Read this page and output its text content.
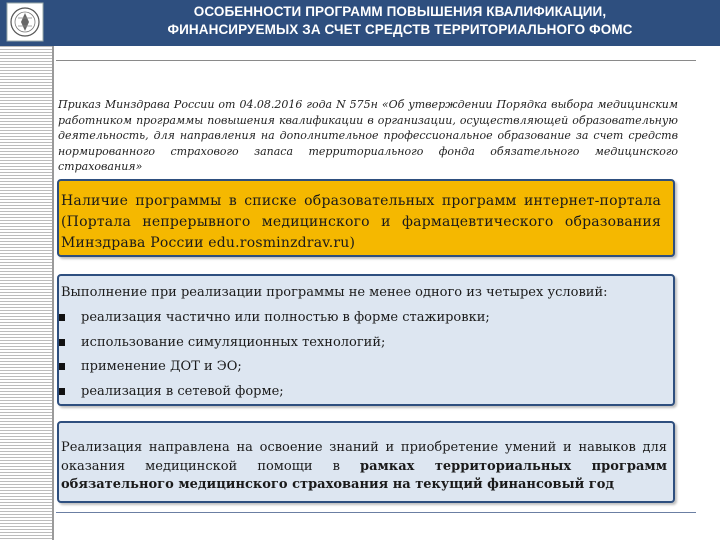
ОСОБЕННОСТИ ПРОГРАММ ПОВЫШЕНИЯ КВАЛИФИКАЦИИ,
ФИНАНСИРУЕМЫХ ЗА СЧЕТ СРЕДСТВ ТЕРРИТОРИАЛЬНОГО ФОМС
Приказ Минздрава России от 04.08.2016 года N 575н «Об утверждении Порядка выбора медицинским работником программы повышения квалификации в организации, осуществляющей образовательную деятельность, для направления на дополнительное профессиональное образование за счет средств нормированного страхового запаса территориального фонда обязательного медицинского страхования»
Наличие программы в списке образовательных программ интернет-портала (Портала непрерывного медицинского и фармацевтического образования Минздрава России edu.rosminzdrav.ru)
Выполнение при реализации программы не менее одного из четырех условий:
реализация частично или полностью в форме стажировки;
использование симуляционных технологий;
применение ДОТ и ЭО;
реализация в сетевой форме;
Реализация направлена на освоение знаний и приобретение умений и навыков для оказания медицинской помощи в рамках территориальных программ обязательного медицинского страхования на текущий финансовый год
